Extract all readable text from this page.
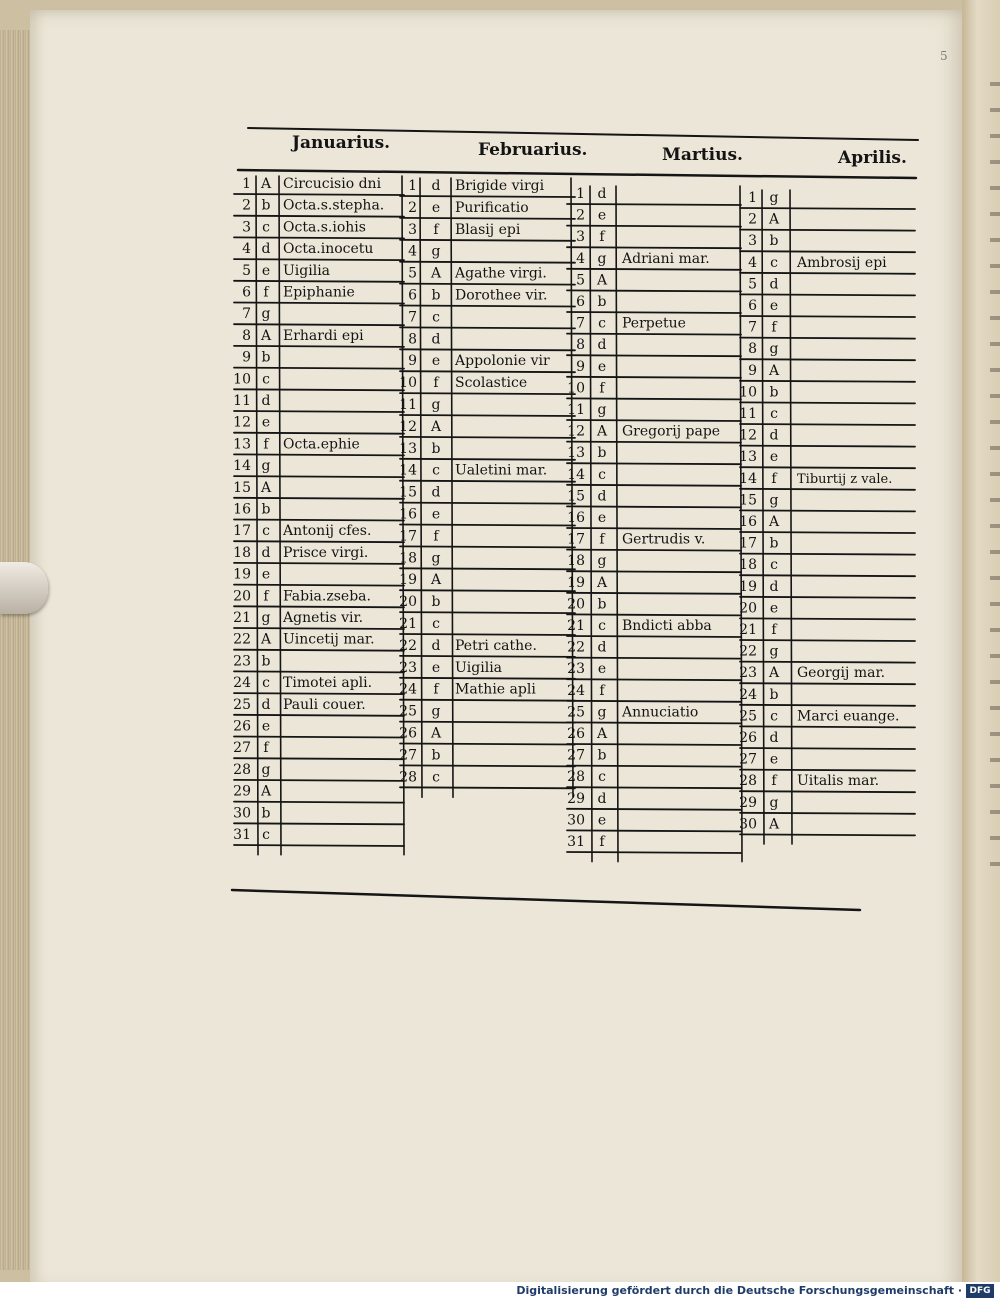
Januarius.	Februarius.	Martius.	Aprilis.
5
1 A Circucisio dni
2 b Octa.s.stepha.
3 c Octa.s.iohis
4 d Octa.inocetu
5 e Uigilia
6 f Epiphanie
7 g
8 A Erhardi epi
9 b
10 c
11 d
12 e
13 f Octa.ephie
14 g
15 A
16 b
17 c Antonij cfes.
18 d Prisce virgi.
19 e
20 f Fabia.zseba.
21 g Agnetis vir.
22 A Uincetij mar.
23 b
24 c Timotei apli.
25 d Pauli couer.
26 e
27 f
28 g
29 A
30 b
31 c
1 d Brigide virgi
2 e Purificatio
3 f Blasij epi
4 g
5 A Agathe virgi.
6 b Dorothee vir.
7 c
8 d
9 e Appolonie vir
10 f Scolastice
11 g
12 A
13 b
14 c Ualetini mar.
15 d
16 e
17 f
18 g
19 A
20 b
21 c
22 d Petri cathe.
23 e Uigilia
24 f Mathie apli
25 g
26 A
27 b
28 c
1 d
2 e
3 f
4 g Adriani mar.
5 A
6 b
7 c Perpetue
8 d
9 e
10 f
11 g
12 A Gregorij pape
13 b
14 c
15 d
16 e
17 f Gertrudis v.
18 g
19 A
20 b
21 c Bndicti abba
22 d
23 e
24 f
25 g Annuciatio
26 A
27 b
28 c
29 d
30 e
31 f
1 g
2 A
3 b
4 c Ambrosij epi
5 d
6 e
7 f
8 g
9 A
10 b
11 c
12 d
13 e
14 f Tiburtij z vale.
15 g
16 A
17 b
18 c
19 d
20 e
21 f
22 g
23 A Georgij mar.
24 b
25 c Marci euange.
26 d
27 e
28 f Uitalis mar.
29 g
30 A
Digitalisierung gefördert durch die Deutsche Forschungsgemeinschaft · DFG
